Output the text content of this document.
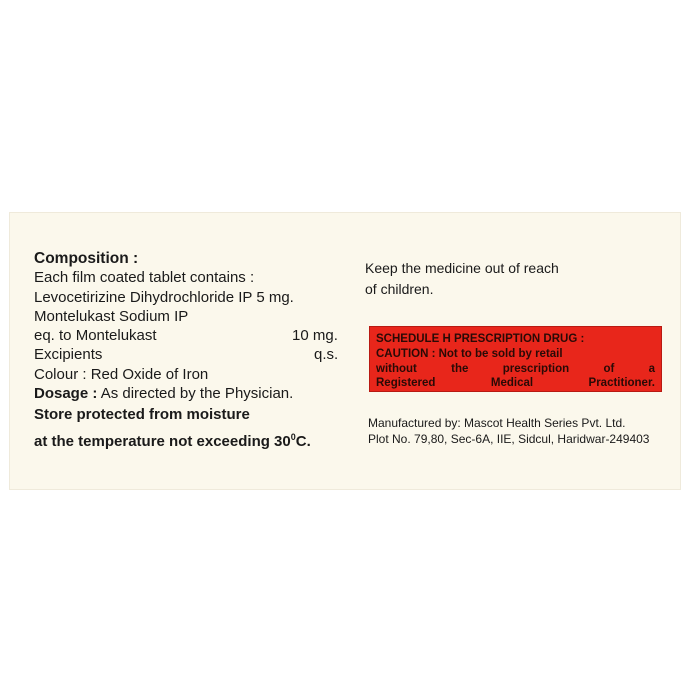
Composition :
Each film coated tablet contains :
Levocetirizine Dihydrochloride IP 5 mg.
Montelukast Sodium IP
eq. to Montelukast	10 mg.
Excipients	q.s.
Colour : Red Oxide of Iron
Dosage : As directed by the Physician.
Store protected from moisture
at the temperature not exceeding $30^0C$.
Keep the medicine out of reach
of children.
SCHEDULE H PRESCRIPTION DRUG :
CAUTION : Not to be sold by retail
without the prescription of a
Registered Medical Practitioner.
Manufactured by: Mascot Health Series Pvt. Ltd.
Plot No. 79,80, Sec-6A, IIE, Sidcul, Haridwar-249403
